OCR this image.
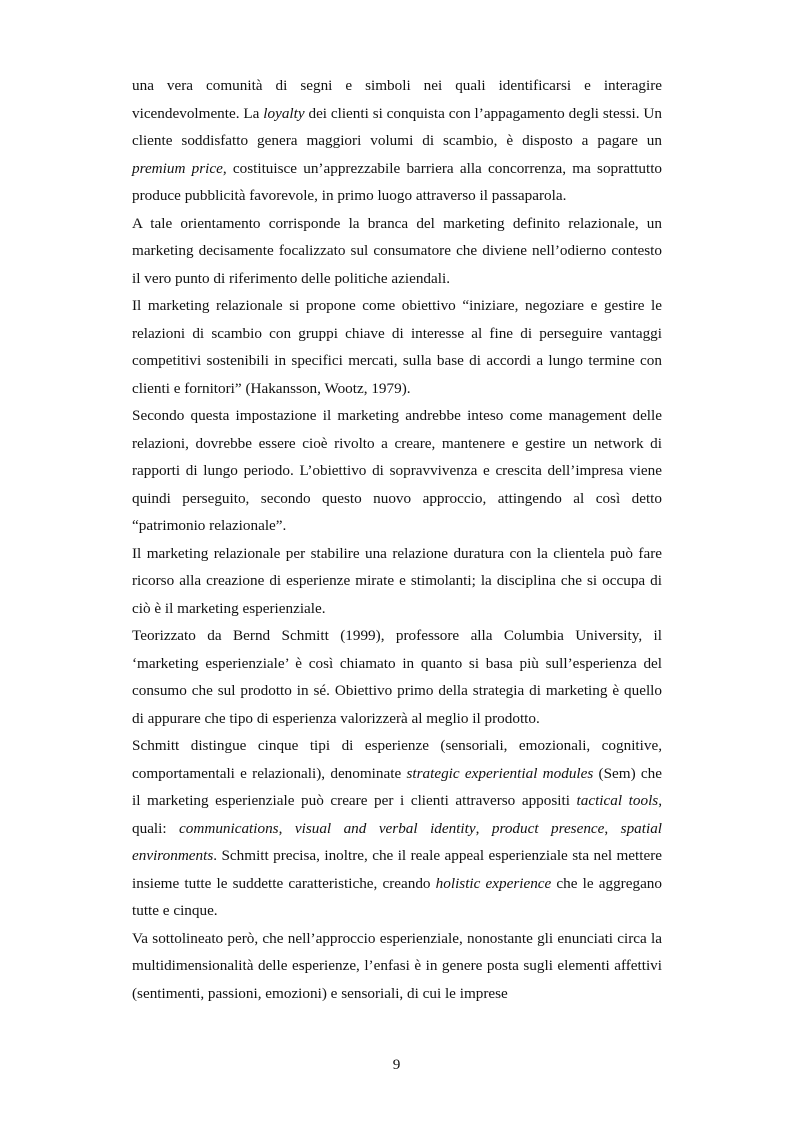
una vera comunità di segni e simboli nei quali identificarsi e interagire vicendevolmente. La loyalty dei clienti si conquista con l’appagamento degli stessi. Un cliente soddisfatto genera maggiori volumi di scambio, è disposto a pagare un premium price, costituisce un’apprezzabile barriera alla concorrenza, ma soprattutto produce pubblicità favorevole, in primo luogo attraverso il passaparola.

A tale orientamento corrisponde la branca del marketing definito relazionale, un marketing decisamente focalizzato sul consumatore che diviene nell’odierno contesto il vero punto di riferimento delle politiche aziendali.

Il marketing relazionale si propone come obiettivo “iniziare, negoziare e gestire le relazioni di scambio con gruppi chiave di interesse al fine di perseguire vantaggi competitivi sostenibili in specifici mercati, sulla base di accordi a lungo termine con clienti e fornitori” (Hakansson, Wootz, 1979).

Secondo questa impostazione il marketing andrebbe inteso come management delle relazioni, dovrebbe essere cioè rivolto a creare, mantenere e gestire un network di rapporti di lungo periodo. L’obiettivo di sopravvivenza e crescita dell’impresa viene quindi perseguito, secondo questo nuovo approccio, attingendo al così detto “patrimonio relazionale”.

Il marketing relazionale per stabilire una relazione duratura con la clientela può fare ricorso alla creazione di esperienze mirate e stimolanti; la disciplina che si occupa di ciò è il marketing esperienziale.

Teorizzato da Bernd Schmitt (1999), professore alla Columbia University, il ‘marketing esperienziale’ è così chiamato in quanto si basa più sull’esperienza del consumo che sul prodotto in sé. Obiettivo primo della strategia di marketing è quello di appurare che tipo di esperienza valorizzerà al meglio il prodotto.

Schmitt distingue cinque tipi di esperienze (sensoriali, emozionali, cognitive, comportamentali e relazionali), denominate strategic experiential modules (Sem) che il marketing esperienziale può creare per i clienti attraverso appositi tactical tools, quali: communications, visual and verbal identity, product presence, spatial environments. Schmitt precisa, inoltre, che il reale appeal esperienziale sta nel mettere insieme tutte le suddette caratteristiche, creando holistic experience che le aggregano tutte e cinque.

Va sottolineato però, che nell’approccio esperienziale, nonostante gli enunciati circa la multidimensionalità delle esperienze, l’enfasi è in genere posta sugli elementi affettivi (sentimenti, passioni, emozioni) e sensoriali, di cui le imprese

9
